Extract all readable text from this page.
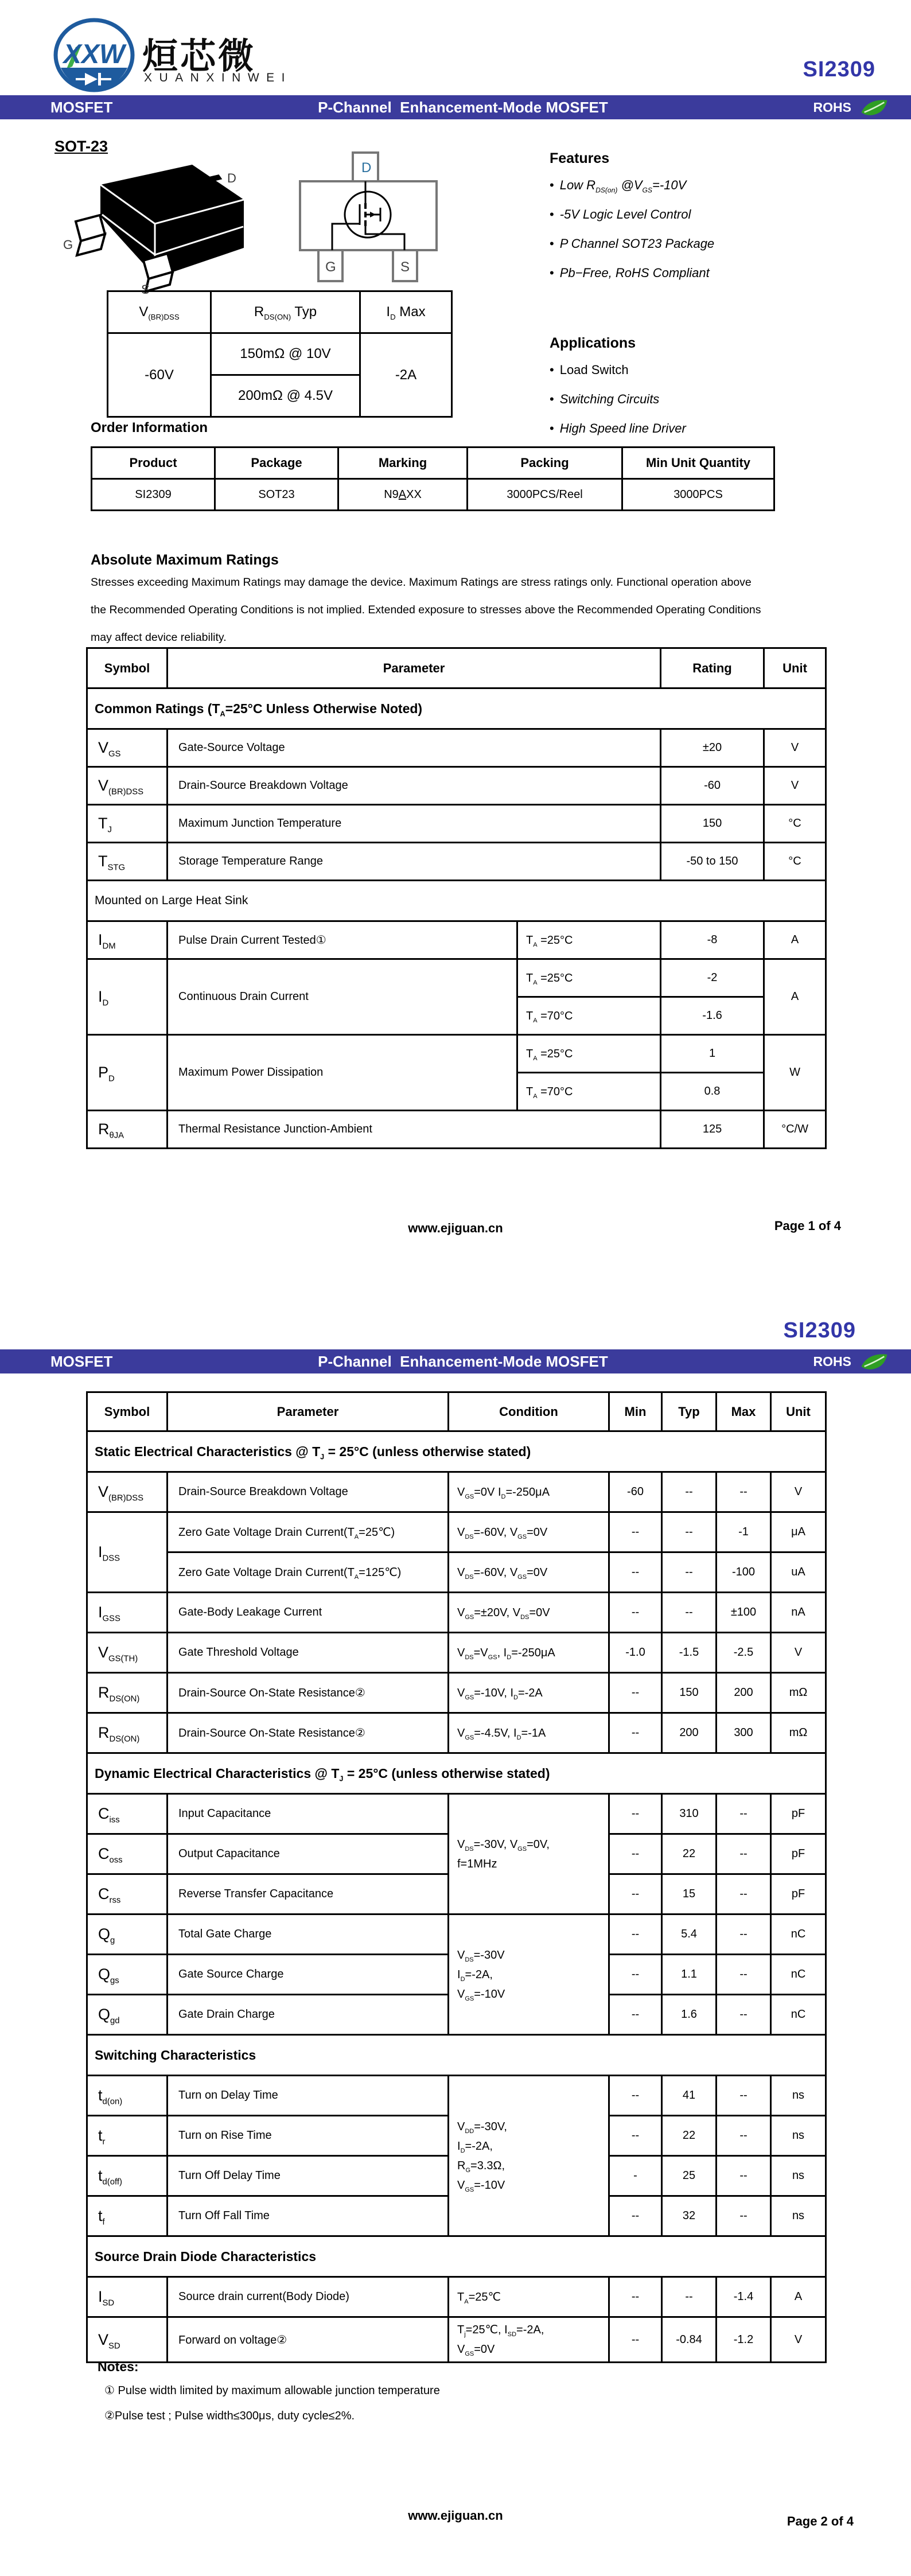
XXW 烜芯微
XUANXINWEI	SI2309
MOSFET	P-Channel  Enhancement-Mode MOSFET	ROHS
SOT-23
D
G
S
D
G	S
Features
• Low $R_{DS(on)}$ $@V_{GS}=-10V$
• -5V Logic Level Control
• P Channel SOT23 Package
• Pb−Free, RoHS Compliant
Applications
• Load Switch
• Switching Circuits
• High Speed line Driver
$V_{(BR)DSS}$	$R_{DS(ON)}$ Typ	$I_D$ Max
-60V	150mΩ @ 10V	-2A
	200mΩ @ 4.5V	
Order Information
Product	Package	Marking	Packing	Min Unit Quantity
SI2309	SOT23	N9AXX	3000PCS/Reel	3000PCS
Absolute Maximum Ratings
Stresses exceeding Maximum Ratings may damage the device. Maximum Ratings are stress ratings only. Functional operation above
the Recommended Operating Conditions is not implied. Extended exposure to stresses above the Recommended Operating Conditions
may affect device reliability.
Symbol	Parameter		Rating	Unit
Common Ratings ($T_A=25^\circ C$ Unless Otherwise Noted)				
$V_{GS}$	Gate-Source Voltage		±20	V
$V_{(BR)DSS}$	Drain-Source Breakdown Voltage		-60	V
$T_J$	Maximum Junction Temperature		150	°C
$T_{STG}$	Storage Temperature Range		-50 to 150	°C
Mounted on Large Heat Sink				
$I_{DM}$	Pulse Drain Current Tested①	$T_A =25^\circ C$	-8	A
$I_D$	Continuous Drain Current	$T_A =25^\circ C$	-2	A
		$T_A =70^\circ C$	-1.6	
$P_D$	Maximum Power Dissipation	$T_A =25^\circ C$	1	W
		$T_A =70^\circ C$	0.8	
$R_{\theta JA}$	Thermal Resistance Junction-Ambient		125	°C/W
www.ejiguan.cn	Page 1 of 4
SI2309
MOSFET	P-Channel  Enhancement-Mode MOSFET	ROHS
Symbol	Parameter	Condition	Min	Typ	Max	Unit
Static Electrical Characteristics @ $T_J = 25^\circ C$ (unless otherwise stated)						
$V_{(BR)DSS}$	Drain-Source Breakdown Voltage	$V_{GS}=0V$ $I_D=-250\mu A$	-60	--	--	V
$I_{DSS}$	Zero Gate Voltage Drain $Current(T_A=25℃)$	$V_{DS}=-60V$, $V_{GS}=0V$	--	--	-1	μA
	Zero Gate Voltage Drain $Current(T_A=125℃)$	$V_{DS}=-60V$, $V_{GS}=0V$	--	--	-100	uA
$I_{GSS}$	Gate-Body Leakage Current	$V_{GS}=\pm 20V$, $V_{DS}=0V$	--	--	±100	nA
$V_{GS(TH)}$	Gate Threshold Voltage	$V_{DS}=V_{GS}$, $I_D=-250\mu A$	-1.0	-1.5	-2.5	V
$R_{DS(ON)}$	Drain-Source On-State Resistance②	$V_{GS}=-10V$, $I_D=-2A$	--	150	200	mΩ
$R_{DS(ON)}$	Drain-Source On-State Resistance②	$V_{GS}=-4.5V$, $I_D=-1A$	--	200	300	mΩ
Dynamic Electrical Characteristics @ $T_J = 25^\circ C$ (unless otherwise stated)						
$C_{iss}$	Input Capacitance	$V_{DS}=-30V$, $V_{GS}=0V$,
f=1MHz	--	310	--	pF
$C_{oss}$	Output Capacitance		--	22	--	pF
$C_{rss}$	Reverse Transfer Capacitance		--	15	--	pF
$Q_g$	Total Gate Charge	$V_{DS}=-30V$
$I_D=-2A$,
$V_{GS}=-10V$	--	5.4	--	nC
$Q_{gs}$	Gate Source Charge		--	1.1	--	nC
$Q_{gd}$	Gate Drain Charge		--	1.6	--	nC
Switching Characteristics						
$t_{d(on)}$	Turn on Delay Time	$V_{DD}=-30V$,
$I_D=-2A$,
$R_G=3.3\Omega$,
$V_{GS}=-10V$	--	41	--	ns
$t_r$	Turn on Rise Time		--	22	--	ns
$t_{d(off)}$	Turn Off Delay Time		-	25	--	ns
$t_f$	Turn Off Fall Time		--	32	--	ns
Source Drain Diode Characteristics						
$I_{SD}$	Source drain current(Body Diode)	$T_A=25℃$	--	--	-1.4	A
$V_{SD}$	Forward on voltage②	$T_j=25℃$, $I_{SD}=-2A$,
$V_{GS}=0V$	--	-0.84	-1.2	V
Notes:
① Pulse width limited by maximum allowable junction temperature
②Pulse test ; Pulse width≤300μs, duty cycle≤2%.
www.ejiguan.cn	Page 2 of 4
